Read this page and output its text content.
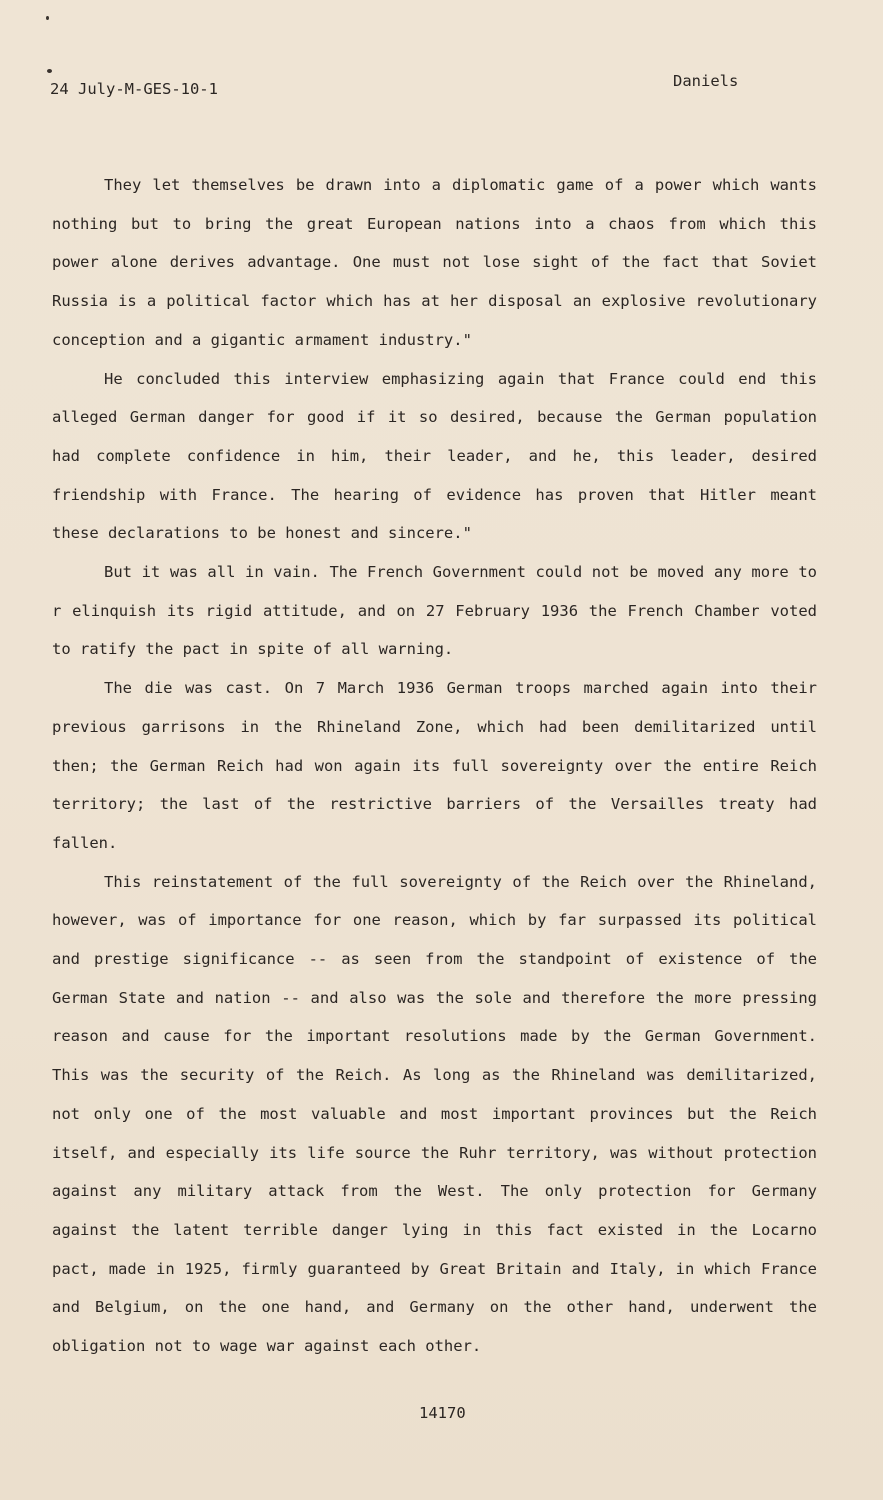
24 July-M-GES-10-1	Daniels

They let themselves be drawn into a diplomatic game of a power which wants nothing but to bring the great European nations into a chaos from which this power alone derives advantage. One must not lose sight of the fact that Soviet Russia is a political factor which has at her disposal an explosive revolutionary conception and a gigantic armament industry."

He concluded this interview emphasizing again that France could end this alleged German danger for good if it so desired, because the German population had complete confidence in him, their leader, and he, this leader, desired friendship with France. The hearing of evidence has proven that Hitler meant these declarations to be honest and sincere."

But it was all in vain. The French Government could not be moved any more to r elinquish its rigid attitude, and on 27 February 1936 the French Chamber voted to ratify the pact in spite of all warning.

The die was cast. On 7 March 1936 German troops marched again into their previous garrisons in the Rhineland Zone, which had been demilitarized until then; the German Reich had won again its full sovereignty over the entire Reich territory; the last of the restrictive barriers of the Versailles treaty had fallen.

This reinstatement of the full sovereignty of the Reich over the Rhineland, however, was of importance for one reason, which by far surpassed its political and prestige significance -- as seen from the standpoint of existence of the German State and nation -- and also was the sole and therefore the more pressing reason and cause for the important resolutions made by the German Government. This was the security of the Reich. As long as the Rhineland was demilitarized, not only one of the most valuable and most important provinces but the Reich itself, and especially its life source the Ruhr territory, was without protection against any military attack from the West. The only protection for Germany against the latent terrible danger lying in this fact existed in the Locarno pact, made in 1925, firmly guaranteed by Great Britain and Italy, in which France and Belgium, on the one hand, and Germany on the other hand, underwent the obligation not to wage war against each other.

14170
